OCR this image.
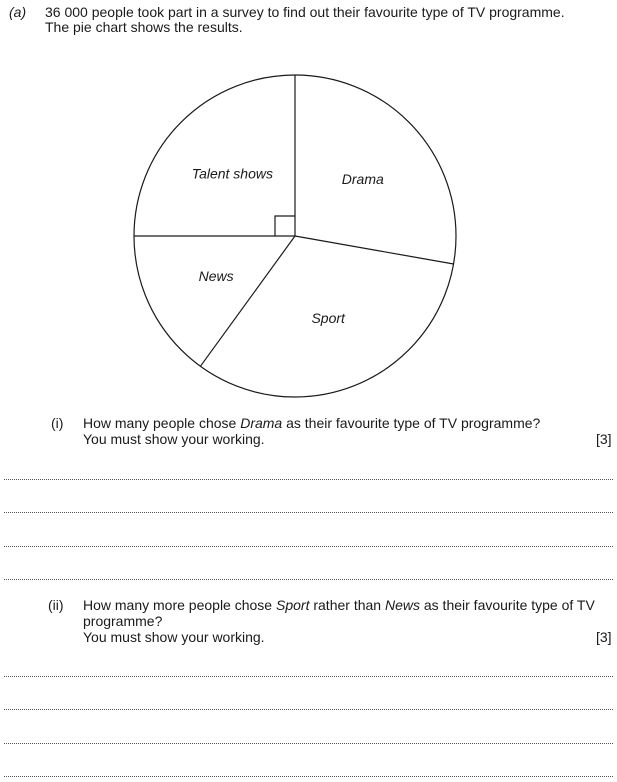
(a) 36 000 people took part in a survey to find out their favourite type of TV programme.
The pie chart shows the results.
Drama
Sport
News
Talent shows
(i) How many people chose Drama as their favourite type of TV programme?
You must show your working.	[3]
(ii) How many more people chose Sport rather than News as their favourite type of TV
programme?
You must show your working.	[3]
